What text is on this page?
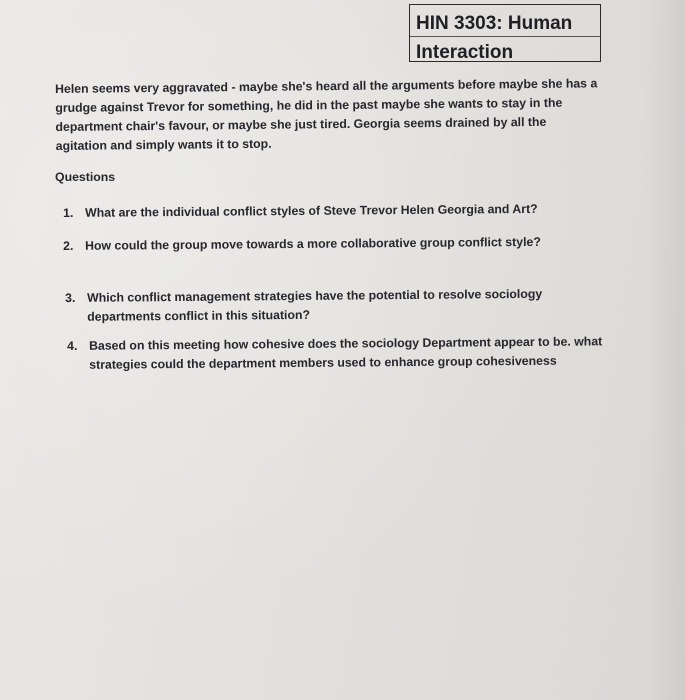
HIN 3303: Human
Interaction
Helen seems very aggravated - maybe she's heard all the arguments before maybe she has a grudge against Trevor for something, he did in the past maybe she wants to stay in the department chair's favour, or maybe she just tired. Georgia seems drained by all the agitation and simply wants it to stop.
Questions
1. What are the individual conflict styles of Steve Trevor Helen Georgia and Art?
2. How could the group move towards a more collaborative group conflict style?
3. Which conflict management strategies have the potential to resolve sociology departments conflict in this situation?
4. Based on this meeting how cohesive does the sociology Department appear to be. what strategies could the department members used to enhance group cohesiveness
